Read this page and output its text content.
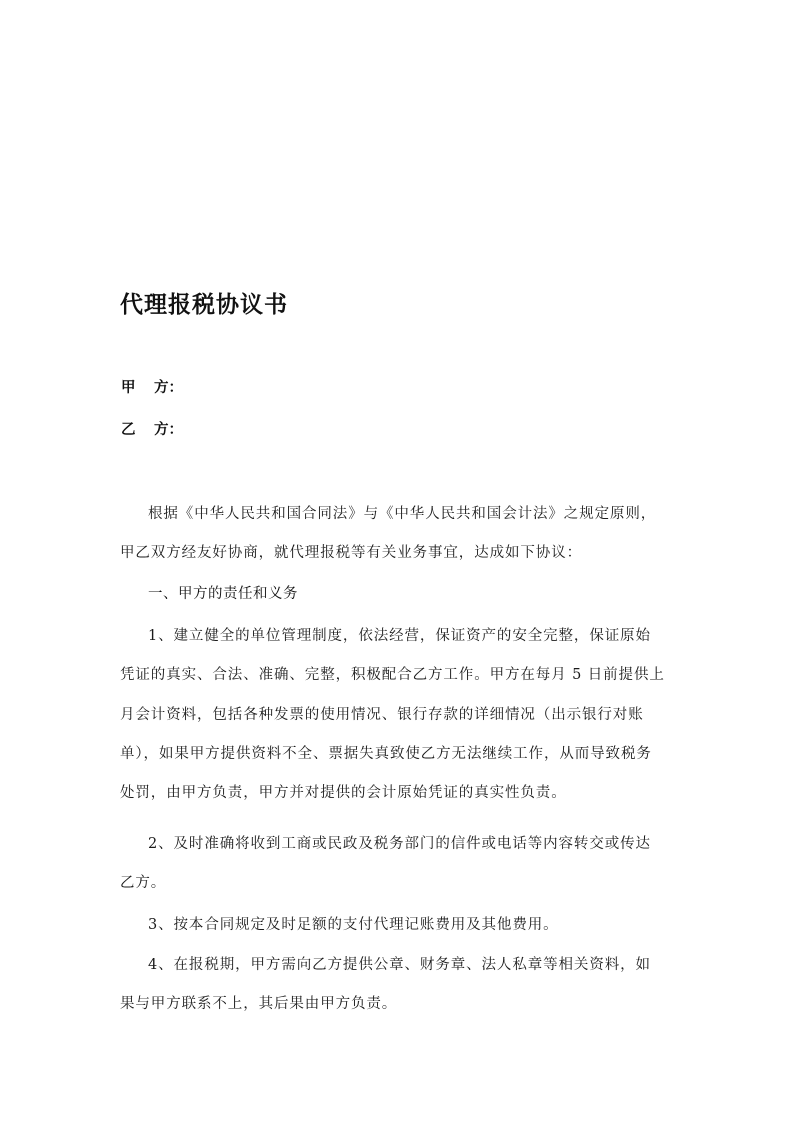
代理报税协议书
甲 方：
乙 方：
根据《中华人民共和国合同法》与《中华人民共和国会计法》之规定原则，
甲乙双方经友好协商，就代理报税等有关业务事宜，达成如下协议：
一、甲方的责任和义务
1、建立健全的单位管理制度，依法经营，保证资产的安全完整，保证原始
凭证的真实、合法、准确、完整，积极配合乙方工作。甲方在每月 5 日前提供上
月会计资料，包括各种发票的使用情况、银行存款的详细情况（出示银行对账
单），如果甲方提供资料不全、票据失真致使乙方无法继续工作，从而导致税务
处罚，由甲方负责，甲方并对提供的会计原始凭证的真实性负责。
2、及时准确将收到工商或民政及税务部门的信件或电话等内容转交或传达
乙方。
3、按本合同规定及时足额的支付代理记账费用及其他费用。
4、在报税期，甲方需向乙方提供公章、财务章、法人私章等相关资料，如
果与甲方联系不上，其后果由甲方负责。
